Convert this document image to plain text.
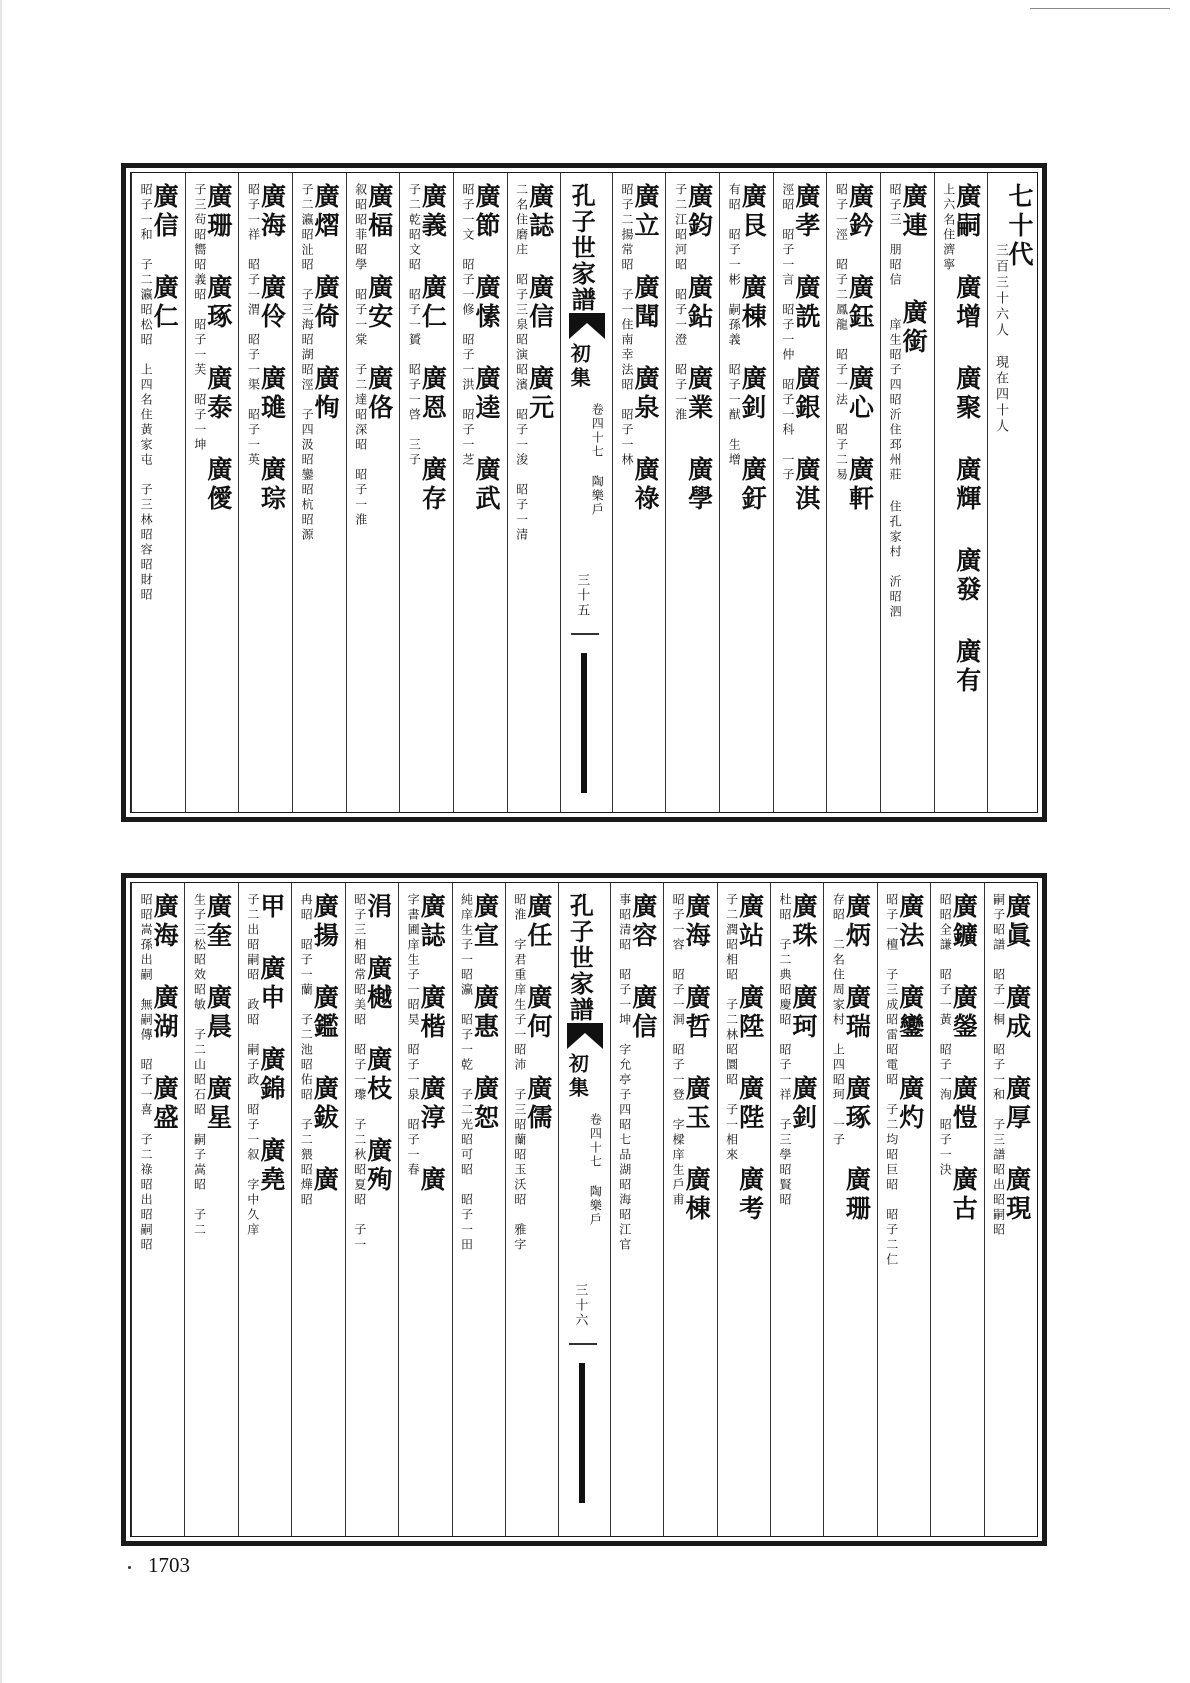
七十代
三百三十六人　現在四十人
廣嗣 廣增 廣聚 廣輝 廣發 廣有
上六名住濟寧
廣連　　廣銜
昭子三　朋昭信　　庠生昭子四昭沂住邳州莊 住孔家村　沂昭泗
廣鈐 廣鈺 廣心 廣軒
昭子一涇　昭子二鳳龍　昭子一法　昭子二易
廣孝 廣詵 廣銀 廣淇
涇昭　昭子一言　昭子一仲　昭子一科　一子
廣艮 廣棟 廣釗 廣釪
有昭　昭子一彬　嗣孫義　昭子一猷　生增
廣鈞 廣鉆 廣業 廣學
子二江昭河昭　昭子一澄　昭子一淮
廣立 廣聞 廣泉 廣祿
昭子二揚常昭　子一住南幸法昭　昭子一林
孔子世家譜
初集
卷四十七 陶樂戶
三十五
廣誌 廣信 廣元
二名住磨庄　昭子三泉昭演昭濱　昭子一浚　昭子一清
廣節 廣愫 廣逵 廣武
昭子一文　昭子一修　昭子一洪　昭子一芝
廣義 廣仁 廣恩 廣存
子二乾昭文昭　昭子一贇　昭子一啓　三子
廣楅 廣安 廣佫
叙昭昭菲昭學　昭子一棠　子二達昭深昭　昭子一淮
廣熠 廣倚 廣恂
子二瀛昭沚昭　子三海昭湖昭涇　子四汲昭鑾昭杭昭源
廣海 廣伶 廣璡 廣琮
昭子一祥　昭子一渭　昭子一渠　昭子一英
廣珊 廣琢 廣泰 廣僾
子三茍昭嚮昭義昭　昭子一芙　昭子一坤
廣信 廣仁
昭子一和　子二瀛昭松昭　上四名住黃家屯　子三林昭容昭財昭
廣眞 廣成 廣厚 廣現
嗣子昭譜　昭子一桐　昭子一和　子三譜昭出昭嗣昭
廣鑛 廣鎣 廣愷 廣古
昭昭全謙　昭子一黃　昭子一洵　昭子一決
廣法 廣鑾 廣灼
昭子一檀　子三成昭雷昭電昭　子二均昭巨昭　昭子二仁
廣炳 廣瑞 廣琢 廣珊
存昭　二名住周家村　上四昭珂　一子
廣珠 廣珂 廣釗
杜昭　子二典昭慶昭　昭子一祥　子三學昭賢昭
廣站 廣陞 廣陛 廣考
子二潤昭相昭　子二林昭圜昭　子一相來
廣海 廣哲 廣玉 廣棟
昭子一容　昭子一洞　昭子一登　字樑庠生戶甫
廣容 廣信
事昭清昭　昭子一坤　字允亭子四昭七品湖昭海昭江官
孔子世家譜
初集
卷四十七 陶樂戶
三十六
廣任 廣何 廣儒
昭淮　字君重庠生子一昭沛　子三昭蘭昭玉沃昭　雅字
廣宣 廣惠 廣恕
純庠生子一昭瀛　昭子一乾　子二光昭可昭　昭子一田
廣誌 廣楷 廣淳 廣
字書圃庠生子一昭昊　昭子一泉　昭子一春
涓 廣樾 廣枝 廣殉
昭子三相昭常昭美昭　昭子一瓈　子二秋昭夏昭　子一
廣揚 廣鑑 廣鈸 廣
冉昭　昭子一蘭　子二池昭佑昭　子二猥昭燁昭
甲 廣申 廣錦 廣堯
子二出昭嗣昭　政昭　嗣子政　昭子一叙　字中久庠
廣奎 廣晨 廣星
生子三松昭效昭敏　子二山昭石昭　嗣子嵩昭　子二
廣海 廣湖 廣盛
昭昭嵩孫出嗣　無嗣傳　昭子一喜　子二祿昭出昭嗣昭
1703
